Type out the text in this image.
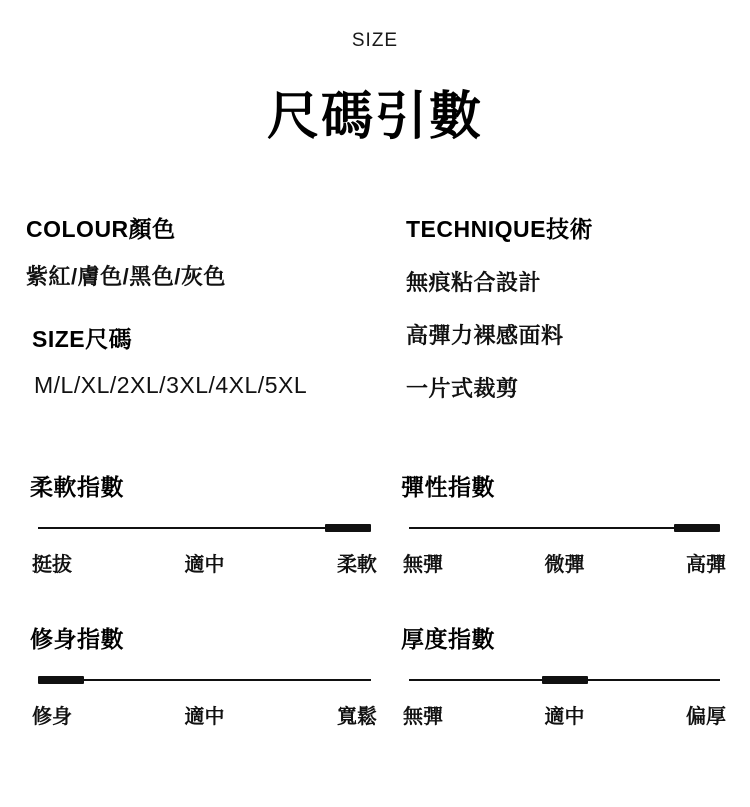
SIZE
尺碼引數
COLOUR顏色
紫紅/膚色/黑色/灰色
SIZE尺碼
M/L/XL/2XL/3XL/4XL/5XL
TECHNIQUE技術
無痕粘合設計
高彈力裸感面料
一片式裁剪
柔軟指數
挺拔	適中	柔軟
彈性指數
無彈	微彈	高彈
修身指數
修身	適中	寬鬆
厚度指數
無彈	適中	偏厚
